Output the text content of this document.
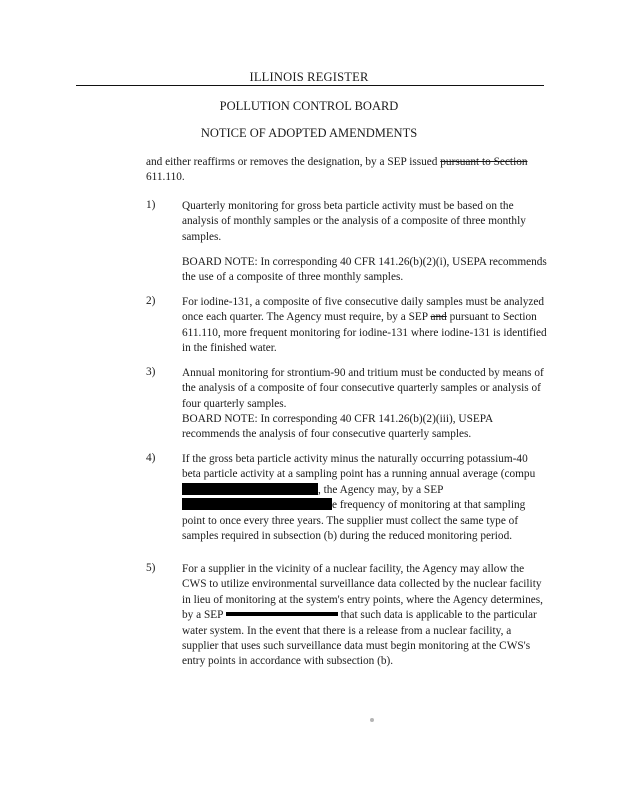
ILLINOIS REGISTER
POLLUTION CONTROL BOARD
NOTICE OF ADOPTED AMENDMENTS
and either reaffirms or removes the designation, by a SEP issued pursuant to Section 611.110.
1) Quarterly monitoring for gross beta particle activity must be based on the analysis of monthly samples or the analysis of a composite of three monthly samples.
BOARD NOTE: In corresponding 40 CFR 141.26(b)(2)(i), USEPA recommends the use of a composite of three monthly samples.
2) For iodine-131, a composite of five consecutive daily samples must be analyzed once each quarter. The Agency must require, by a SEP and pursuant to Section 611.110, more frequent monitoring for iodine-131 where iodine-131 is identified in the finished water.
3) Annual monitoring for strontium-90 and tritium must be conducted by means of the analysis of a composite of four consecutive quarterly samples or analysis of four quarterly samples.
BOARD NOTE: In corresponding 40 CFR 141.26(b)(2)(iii), USEPA recommends the analysis of four consecutive quarterly samples.
4) If the gross beta particle activity minus the naturally occurring potassium-40 beta particle activity at a sampling point has a running annual average (compu, the Agency may, by a SEP e frequency of monitoring at that sampling point to once every three years. The supplier must collect the same type of samples required in subsection (b) during the reduced monitoring period.
5) For a supplier in the vicinity of a nuclear facility, the Agency may allow the CWS to utilize environmental surveillance data collected by the nuclear facility in lieu of monitoring at the system's entry points, where the Agency determines, by a SEP	that such data is applicable to the particular water system. In the event that there is a release from a nuclear facility, a supplier that uses such surveillance data must begin monitoring at the CWS's entry points in accordance with subsection (b).
